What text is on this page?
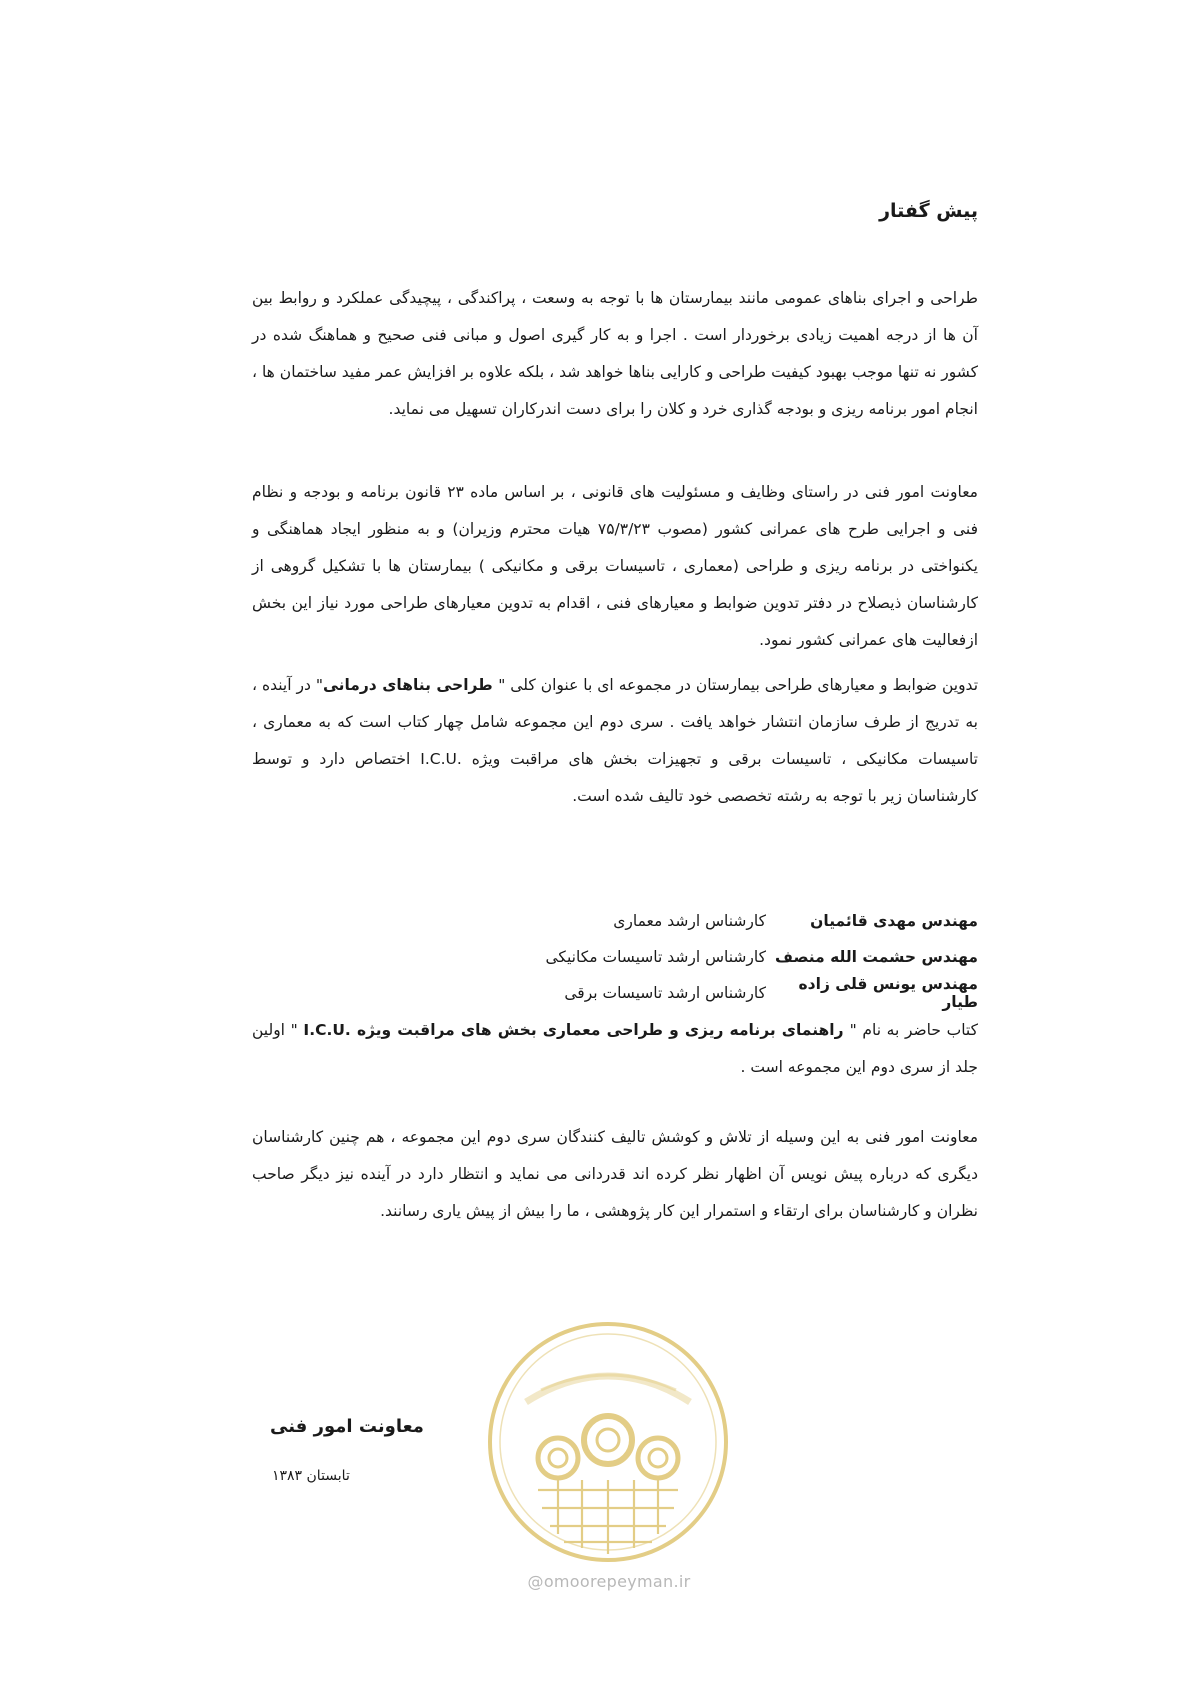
پیش گفتار

طراحی و اجرای بناهای عمومی مانند بیمارستان ها با توجه به وسعت ، پراکندگی ، پیچیدگی عملکرد و روابط بین آن ها از درجه اهمیت زیادی برخوردار است . اجرا و به کار گیری اصول و مبانی فنی صحیح و هماهنگ شده در کشور نه تنها موجب بهبود کیفیت طراحی و کارایی بناها خواهد شد ، بلکه علاوه بر افزایش عمر مفید ساختمان ها ، انجام امور برنامه ریزی و بودجه گذاری خرد و کلان را برای دست اندرکاران تسهیل می نماید.

معاونت امور فنی در راستای وظایف و مسئولیت های قانونی ، بر اساس ماده ۲۳ قانون برنامه و بودجه و نظام فنی و اجرایی طرح های عمرانی کشور (مصوب ۷۵/۳/۲۳ هیات محترم وزیران) و به منظور ایجاد هماهنگی و یکنواختی در برنامه ریزی و طراحی (معماری ، تاسیسات برقی و مکانیکی ) بیمارستان ها با تشکیل گروهی از کارشناسان ذیصلاح در دفتر تدوین ضوابط و معیارهای فنی ، اقدام به تدوین معیارهای طراحی مورد نیاز این بخش ازفعالیت های عمرانی کشور نمود.

تدوین ضوابط و معیارهای طراحی بیمارستان در مجموعه ای با عنوان کلی " طراحی بناهای درمانی" در آینده ، به تدریج از طرف سازمان انتشار خواهد یافت . سری دوم این مجموعه شامل چهار کتاب است که به معماری ، تاسیسات مکانیکی ، تاسیسات برقی و تجهیزات بخش های مراقبت ویژه I.C.U. اختصاص دارد و توسط کارشناسان زیر با توجه به رشته تخصصی خود تالیف شده است.

کتاب حاضر به نام " راهنمای برنامه ریزی و طراحی معماری بخش های مراقبت ویژه I.C.U. " اولین جلد از سری دوم این مجموعه است .

معاونت امور فنی به این وسیله از تلاش و کوشش تالیف کنندگان سری دوم این مجموعه ، هم چنین کارشناسان دیگری که درباره پیش نویس آن اظهار نظر کرده اند قدردانی می نماید و انتظار دارد در آینده نیز دیگر صاحب نظران و کارشناسان برای ارتقاء و استمرار این کار پژوهشی ، ما را بیش از پیش یاری رسانند.

مهندس مهدی قائمیان
کارشناس ارشد معماری
مهندس حشمت الله منصف
کارشناس ارشد تاسیسات مکانیکی
مهندس یونس قلی زاده طیار
کارشناس ارشد تاسیسات برقی

معاونت امور فنی

تابستان ۱۳۸۳

@omoorepeyman.ir
